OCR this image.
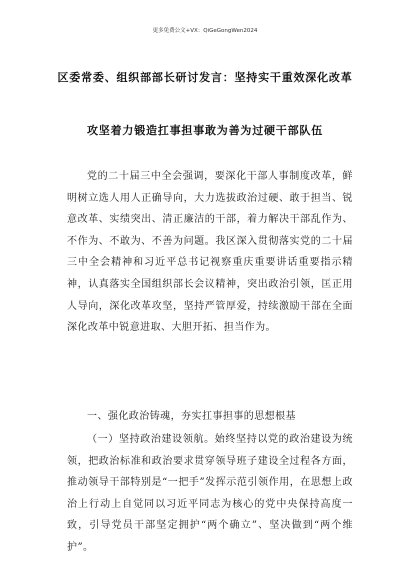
更多免费公文+VX：QiGeGongWen2024
区委常委、组织部部长研讨发言：坚持实干重效深化改革
攻坚着力锻造扛事担事敢为善为过硬干部队伍

党的二十届三中全会强调，要深化干部人事制度改革，鲜明树立选人用人正确导向，大力选拔政治过硬、敢于担当、锐意改革、实绩突出、清正廉洁的干部，着力解决干部乱作为、不作为、不敢为、不善为问题。我区深入贯彻落实党的二十届三中全会精神和习近平总书记视察重庆重要讲话重要指示精神，认真落实全国组织部长会议精神，突出政治引领，匡正用人导向，深化改革攻坚，坚持严管厚爱，持续激励干部在全面深化改革中锐意进取、大胆开拓、担当作为。

一、强化政治铸魂，夯实扛事担事的思想根基

（一）坚持政治建设领航。始终坚持以党的政治建设为统领，把政治标准和政治要求贯穿领导班子建设全过程各方面，推动领导干部特别是“一把手”发挥示范引领作用，在思想上政治上行动上自觉同以习近平同志为核心的党中央保持高度一致，引导党员干部坚定拥护“两个确立”、坚决做到“两个维护”。
